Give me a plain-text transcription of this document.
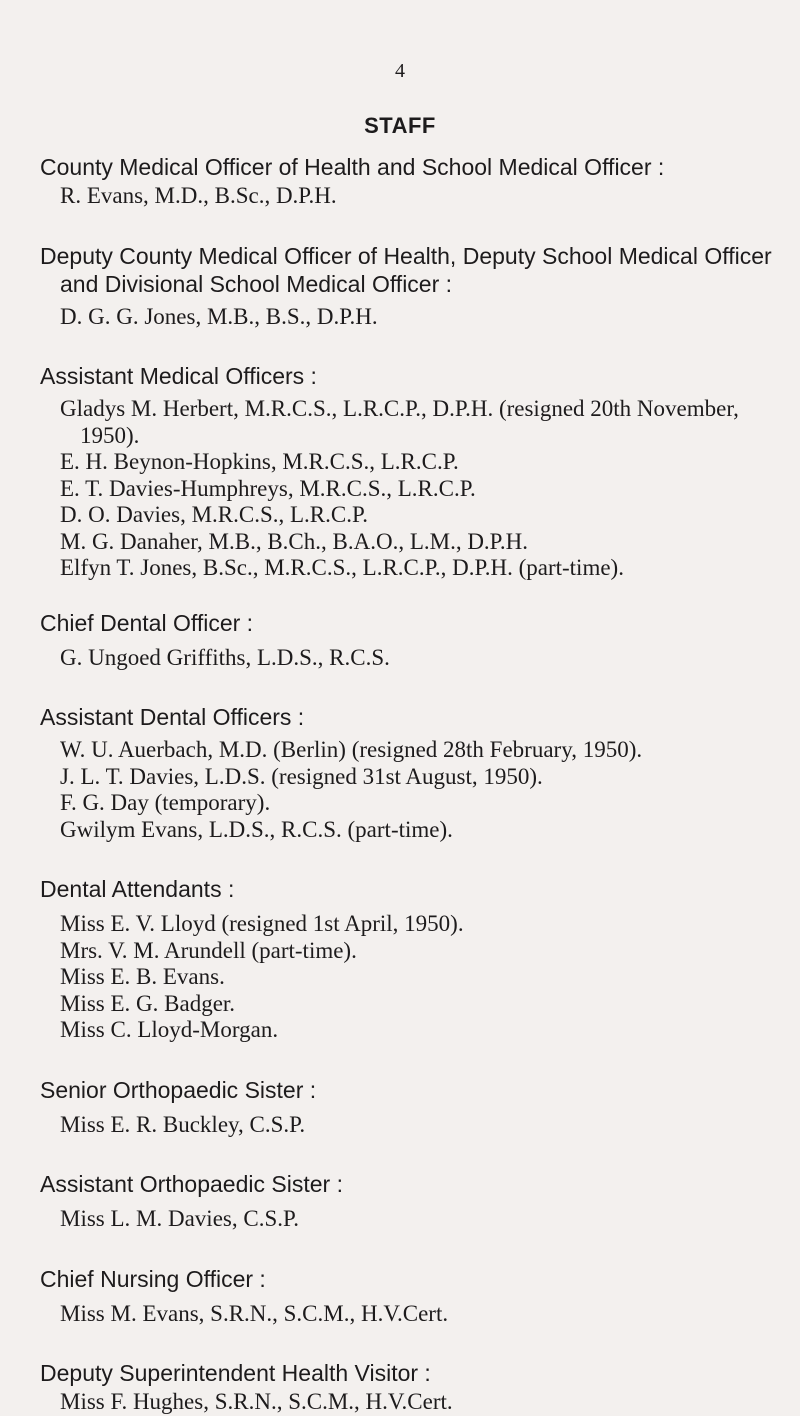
4
STAFF
County Medical Officer of Health and School Medical Officer :
R. Evans, M.D., B.Sc., D.P.H.
Deputy County Medical Officer of Health, Deputy School Medical Officer and Divisional School Medical Officer :
D. G. G. Jones, M.B., B.S., D.P.H.
Assistant Medical Officers :
Gladys M. Herbert, M.R.C.S., L.R.C.P., D.P.H. (resigned 20th November, 1950).
E. H. Beynon-Hopkins, M.R.C.S., L.R.C.P.
E. T. Davies-Humphreys, M.R.C.S., L.R.C.P.
D. O. Davies, M.R.C.S., L.R.C.P.
M. G. Danaher, M.B., B.Ch., B.A.O., L.M., D.P.H.
Elfyn T. Jones, B.Sc., M.R.C.S., L.R.C.P., D.P.H. (part-time).
Chief Dental Officer :
G. Ungoed Griffiths, L.D.S., R.C.S.
Assistant Dental Officers :
W. U. Auerbach, M.D. (Berlin) (resigned 28th February, 1950).
J. L. T. Davies, L.D.S. (resigned 31st August, 1950).
F. G. Day (temporary).
Gwilym Evans, L.D.S., R.C.S. (part-time).
Dental Attendants :
Miss E. V. Lloyd (resigned 1st April, 1950).
Mrs. V. M. Arundell (part-time).
Miss E. B. Evans.
Miss E. G. Badger.
Miss C. Lloyd-Morgan.
Senior Orthopaedic Sister :
Miss E. R. Buckley, C.S.P.
Assistant Orthopaedic Sister :
Miss L. M. Davies, C.S.P.
Chief Nursing Officer :
Miss M. Evans, S.R.N., S.C.M., H.V.Cert.
Deputy Superintendent Health Visitor :
Miss F. Hughes, S.R.N., S.C.M., H.V.Cert.
